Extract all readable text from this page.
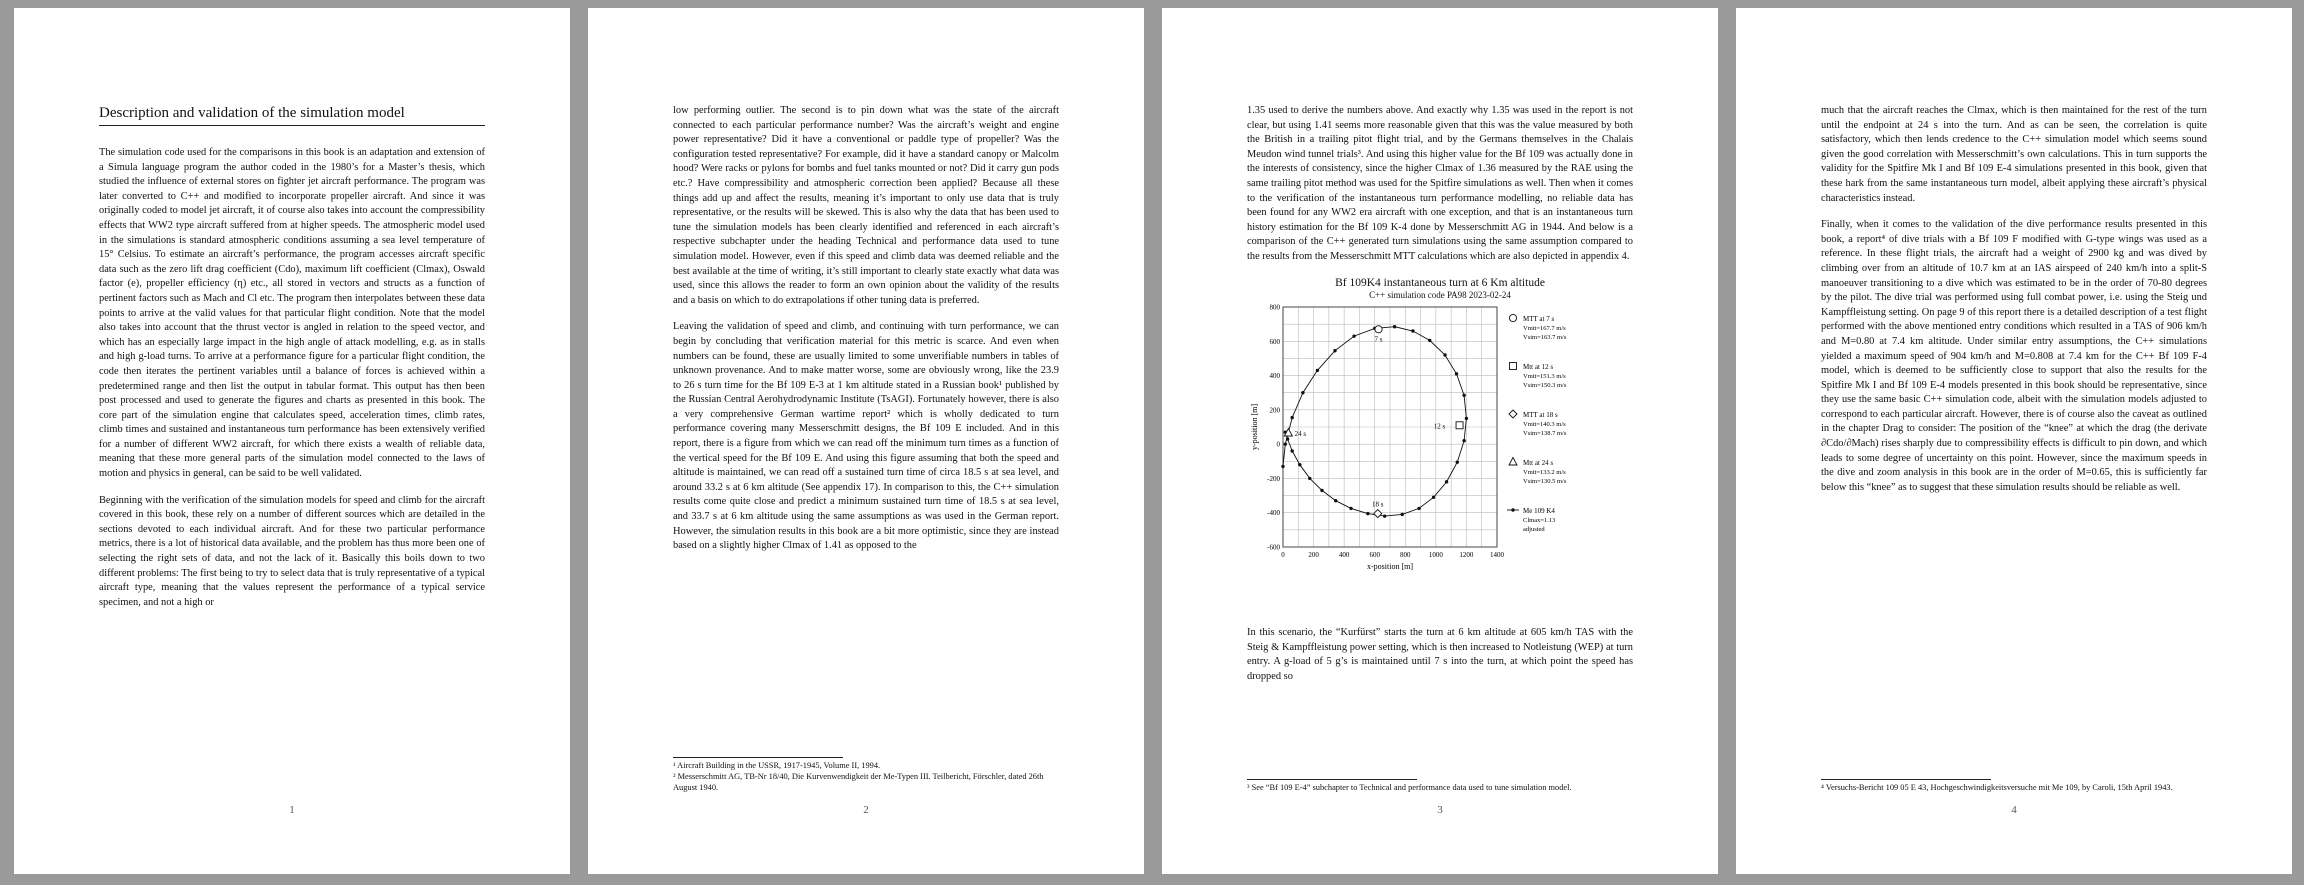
Description and validation of the simulation model

The simulation code used for the comparisons in this book is an adaptation and extension of a Simula language program the author coded in the 1980’s for a Master’s thesis, which studied the influence of external stores on fighter jet aircraft performance. The program was later converted to C++ and modified to incorporate propeller aircraft. And since it was originally coded to model jet aircraft, it of course also takes into account the compressibility effects that WW2 type aircraft suffered from at higher speeds. The atmospheric model used in the simulations is standard atmospheric conditions assuming a sea level temperature of 15° Celsius. To estimate an aircraft’s performance, the program accesses aircraft specific data such as the zero lift drag coefficient (Cdo), maximum lift coefficient (Clmax), Oswald factor (e), propeller efficiency (η) etc., all stored in vectors and structs as a function of pertinent factors such as Mach and Cl etc. The program then interpolates between these data points to arrive at the valid values for that particular flight condition. Note that the model also takes into account that the thrust vector is angled in relation to the speed vector, and which has an especially large impact in the high angle of attack modelling, e.g. as in stalls and high g-load turns. To arrive at a performance figure for a particular flight condition, the code then iterates the pertinent variables until a balance of forces is achieved within a predetermined range and then list the output in tabular format. This output has then been post processed and used to generate the figures and charts as presented in this book. The core part of the simulation engine that calculates speed, acceleration times, climb rates, climb times and sustained and instantaneous turn performance has been extensively verified for a number of different WW2 aircraft, for which there exists a wealth of reliable data, meaning that these more general parts of the simulation model connected to the laws of motion and physics in general, can be said to be well validated.

Beginning with the verification of the simulation models for speed and climb for the aircraft covered in this book, these rely on a number of different sources which are detailed in the sections devoted to each individual aircraft. And for these two particular performance metrics, there is a lot of historical data available, and the problem has thus more been one of selecting the right sets of data, and not the lack of it. Basically this boils down to two different problems: The first being to try to select data that is truly representative of a typical aircraft type, meaning that the values represent the performance of a typical service specimen, and not a high or

1

low performing outlier. The second is to pin down what was the state of the aircraft connected to each particular performance number? Was the aircraft’s weight and engine power representative? Did it have a conventional or paddle type of propeller? Was the configuration tested representative? For example, did it have a standard canopy or Malcolm hood? Were racks or pylons for bombs and fuel tanks mounted or not? Did it carry gun pods etc.? Have compressibility and atmospheric correction been applied? Because all these things add up and affect the results, meaning it’s important to only use data that is truly representative, or the results will be skewed. This is also why the data that has been used to tune the simulation models has been clearly identified and referenced in each aircraft’s respective subchapter under the heading Technical and performance data used to tune simulation model. However, even if this speed and climb data was deemed reliable and the best available at the time of writing, it’s still important to clearly state exactly what data was used, since this allows the reader to form an own opinion about the validity of the results and a basis on which to do extrapolations if other tuning data is preferred.

Leaving the validation of speed and climb, and continuing with turn performance, we can begin by concluding that verification material for this metric is scarce. And even when numbers can be found, these are usually limited to some unverifiable numbers in tables of unknown provenance. And to make matter worse, some are obviously wrong, like the 23.9 to 26 s turn time for the Bf 109 E-3 at 1 km altitude stated in a Russian book¹ published by the Russian Central Aerohydrodynamic Institute (TsAGI). Fortunately however, there is also a very comprehensive German wartime report² which is wholly dedicated to turn performance covering many Messerschmitt designs, the Bf 109 E included. And in this report, there is a figure from which we can read off the minimum turn times as a function of the vertical speed for the Bf 109 E. And using this figure assuming that both the speed and altitude is maintained, we can read off a sustained turn time of circa 18.5 s at sea level, and around 33.2 s at 6 km altitude (See appendix 17). In comparison to this, the C++ simulation results come quite close and predict a minimum sustained turn time of 18.5 s at sea level, and 33.7 s at 6 km altitude using the same assumptions as was used in the German report. However, the simulation results in this book are a bit more optimistic, since they are instead based on a slightly higher Clmax of 1.41 as opposed to the

¹ Aircraft Building in the USSR, 1917-1945, Volume II, 1994.
² Messerschmitt AG, TB-Nr 18/40, Die Kurvenwendigkeit der Me-Typen III. Teilbericht, Förschler, dated 26th August 1940.
2

1.35 used to derive the numbers above. And exactly why 1.35 was used in the report is not clear, but using 1.41 seems more reasonable given that this was the value measured by both the British in a trailing pitot flight trial, and by the Germans themselves in the Chalais Meudon wind tunnel trials³. And using this higher value for the Bf 109 was actually done in the interests of consistency, since the higher Clmax of 1.36 measured by the RAE using the same trailing pitot method was used for the Spitfire simulations as well. Then when it comes to the verification of the instantaneous turn performance modelling, no reliable data has been found for any WW2 era aircraft with one exception, and that is an instantaneous turn history estimation for the Bf 109 K-4 done by Messerschmitt AG in 1944. And below is a comparison of the C++ generated turn simulations using the same assumption compared to the results from the Messerschmitt MTT calculations which are also depicted in appendix 4.

Bf 109K4 instantaneous turn at 6 Km altitude
C++ simulation code PA98 2023-02-24
0	200	400	600	800	1000 1200 1400
800
600
400
200
0
-200
-400
-600
x-position [m]
y-position [m]
7 s
12 s
18 s
24 s
MTT at 7 s
Vmtt=167.7 m/s
Vsim=163.7 m/s
Mtt at 12 s
Vmtt=151.3 m/s
Vsim=150.3 m/s
MTT at 18 s
Vmtt=140.3 m/s
Vsim=138.7 m/s
Mtt at 24 s
Vmtt=133.2 m/s
Vsim=130.5 m/s
Me 109 K4
Clmax=1.13
adjusted

In this scenario, the “Kurfürst” starts the turn at 6 km altitude at 605 km/h TAS with the Steig & Kampffleistung power setting, which is then increased to Notleistung (WEP) at turn entry. A g-load of 5 g’s is maintained until 7 s into the turn, at which point the speed has dropped so

³ See “Bf 109 E-4” subchapter to Technical and performance data used to tune simulation model.
3

much that the aircraft reaches the Clmax, which is then maintained for the rest of the turn until the endpoint at 24 s into the turn. And as can be seen, the correlation is quite satisfactory, which then lends credence to the C++ simulation model which seems sound given the good correlation with Messerschmitt’s own calculations. This in turn supports the validity for the Spitfire Mk I and Bf 109 E-4 simulations presented in this book, given that these hark from the same instantaneous turn model, albeit applying these aircraft’s physical characteristics instead.

Finally, when it comes to the validation of the dive performance results presented in this book, a report⁴ of dive trials with a Bf 109 F modified with G-type wings was used as a reference. In these flight trials, the aircraft had a weight of 2900 kg and was dived by climbing over from an altitude of 10.7 km at an IAS airspeed of 240 km/h into a split-S manoeuver transitioning to a dive which was estimated to be in the order of 70-80 degrees by the pilot. The dive trial was performed using full combat power, i.e. using the Steig und Kampffleistung setting. On page 9 of this report there is a detailed description of a test flight performed with the above mentioned entry conditions which resulted in a TAS of 906 km/h and M=0.80 at 7.4 km altitude. Under similar entry assumptions, the C++ simulations yielded a maximum speed of 904 km/h and M=0.808 at 7.4 km for the C++ Bf 109 F-4 model, which is deemed to be sufficiently close to support that also the results for the Spitfire Mk I and Bf 109 E-4 models presented in this book should be representative, since they use the same basic C++ simulation code, albeit with the simulation models adjusted to correspond to each particular aircraft. However, there is of course also the caveat as outlined in the chapter Drag to consider: The position of the “knee” at which the drag (the derivate ∂Cdo/∂Mach) rises sharply due to compressibility effects is difficult to pin down, and which leads to some degree of uncertainty on this point. However, since the maximum speeds in the dive and zoom analysis in this book are in the order of M=0.65, this is sufficiently far below this “knee” as to suggest that these simulation results should be reliable as well.

⁴ Versuchs-Bericht 109 05 E 43, Hochgeschwindigkeitsversuche mit Me 109, by Caroli, 15th April 1943.
4
